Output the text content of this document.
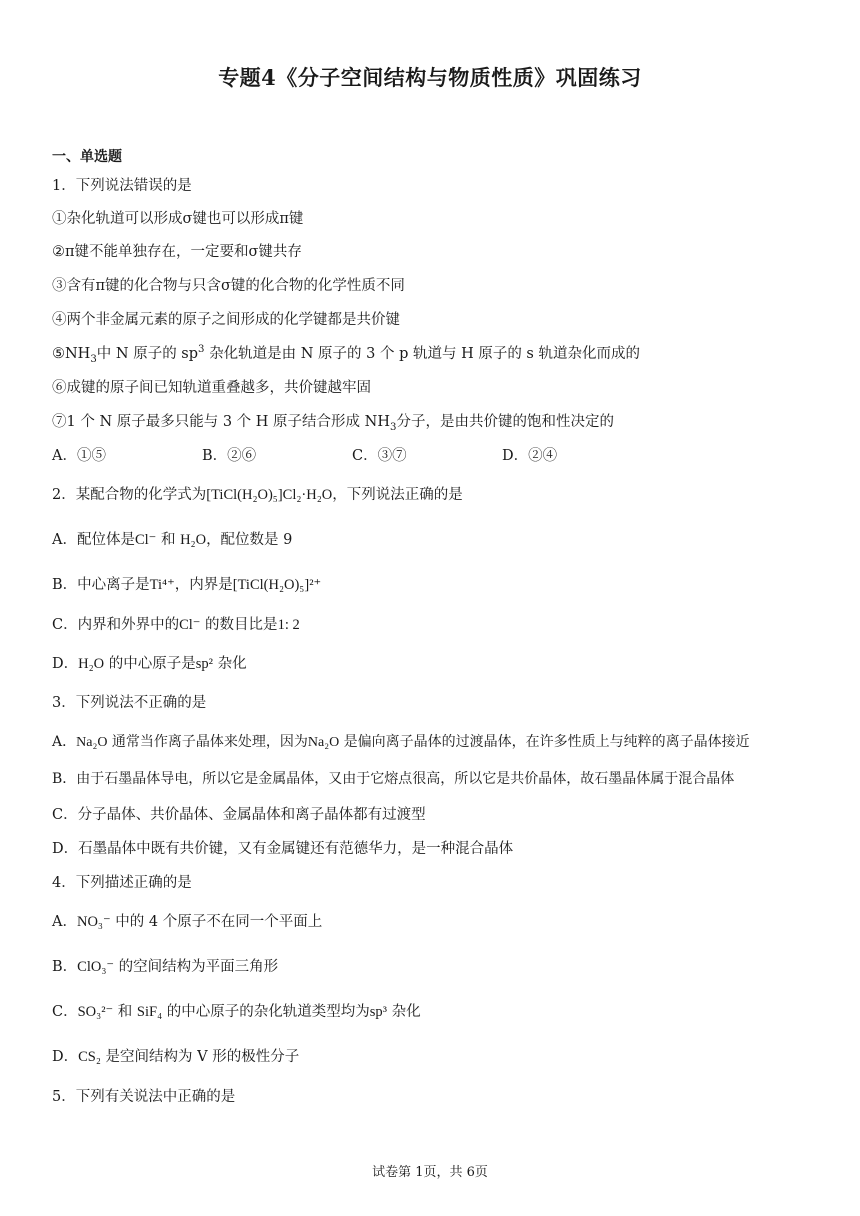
专题4《分子空间结构与物质性质》巩固练习
一、单选题
1．下列说法错误的是
①杂化轨道可以形成σ键也可以形成π键
②π键不能单独存在，一定要和σ键共存
③含有π键的化合物与只含σ键的化合物的化学性质不同
④两个非金属元素的原子之间形成的化学键都是共价键
$⑤NH_3$中 N 原子的 $sp^3$ 杂化轨道是由 N 原子的 3 个 p 轨道与 H 原子的 s 轨道杂化而成的
⑥成键的原子间已知轨道重叠越多，共价键越牢固
⑦1 个 N 原子最多只能与 3 个 H 原子结合形成 $NH_3$分子，是由共价键的饱和性决定的
A．①⑤	B．②⑥	C．③⑦	D．②④
2．某配合物的化学式为[TiCl(H₂O)₅]Cl₂·H₂O，下列说法正确的是
A．配位体是Cl⁻ 和 H₂O，配位数是 9
B．中心离子是Ti⁴⁺，内界是[TiCl(H₂O)₅]²⁺
C．内界和外界中的Cl⁻ 的数目比是1: 2
D．H₂O 的中心原子是sp² 杂化
3．下列说法不正确的是
A．Na₂O 通常当作离子晶体来处理，因为Na₂O 是偏向离子晶体的过渡晶体，在许多性质上与纯粹的离子晶体接近
B．由于石墨晶体导电，所以它是金属晶体，又由于它熔点很高，所以它是共价晶体，故石墨晶体属于混合晶体
C．分子晶体、共价晶体、金属晶体和离子晶体都有过渡型
D．石墨晶体中既有共价键，又有金属键还有范德华力，是一种混合晶体
4．下列描述正确的是
A．NO₃⁻ 中的 4 个原子不在同一个平面上
B．ClO₃⁻ 的空间结构为平面三角形
C．SO₃²⁻ 和 SiF₄ 的中心原子的杂化轨道类型均为sp³ 杂化
D．CS₂ 是空间结构为 V 形的极性分子
5．下列有关说法中正确的是
试卷第 1页，共 6页
